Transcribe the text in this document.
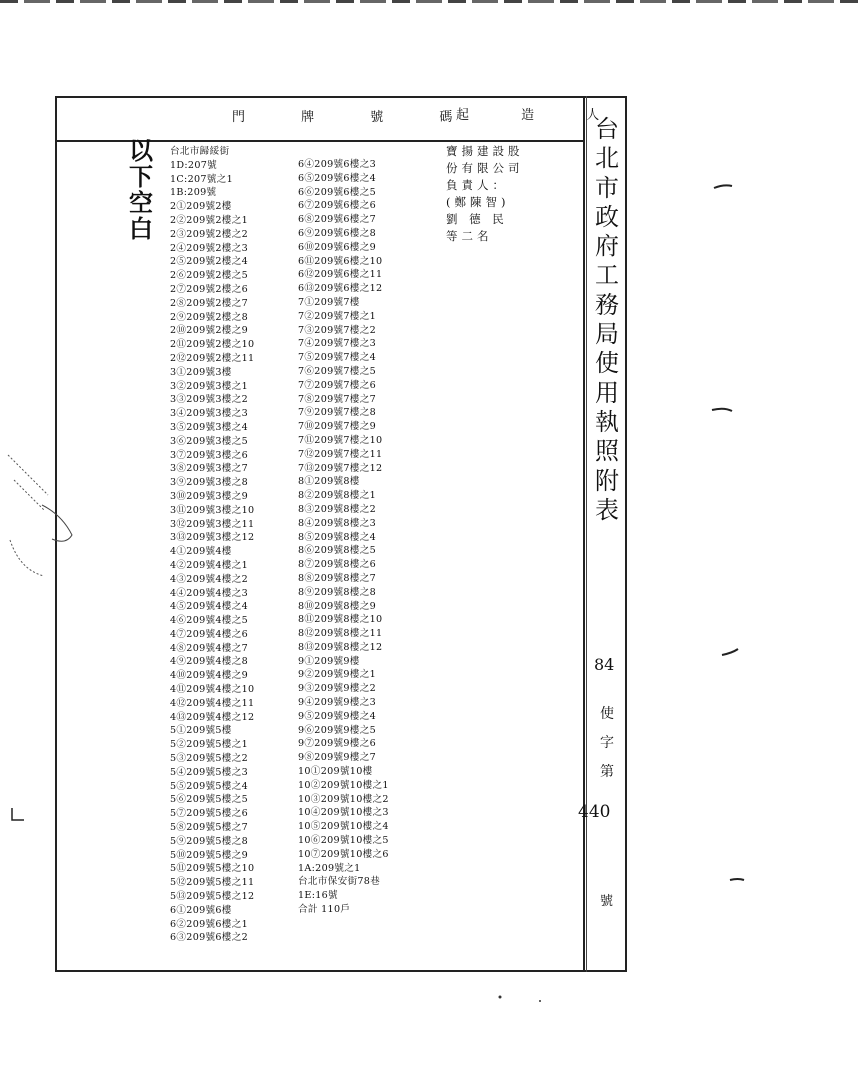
門 牌 號 碼
起 造 人
以
下
空
白
台北市歸綏街
1D:207號
1C:207號之1
1B:209號
2①209號2樓
2②209號2樓之1
2③209號2樓之2
2④209號2樓之3
2⑤209號2樓之4
2⑥209號2樓之5
2⑦209號2樓之6
2⑧209號2樓之7
2⑨209號2樓之8
2⑩209號2樓之9
2⑪209號2樓之10
2⑫209號2樓之11
3①209號3樓
3②209號3樓之1
3③209號3樓之2
3④209號3樓之3
3⑤209號3樓之4
3⑥209號3樓之5
3⑦209號3樓之6
3⑧209號3樓之7
3⑨209號3樓之8
3⑩209號3樓之9
3⑪209號3樓之10
3⑫209號3樓之11
3⑬209號3樓之12
4①209號4樓
4②209號4樓之1
4③209號4樓之2
4④209號4樓之3
4⑤209號4樓之4
4⑥209號4樓之5
4⑦209號4樓之6
4⑧209號4樓之7
4⑨209號4樓之8
4⑩209號4樓之9
4⑪209號4樓之10
4⑫209號4樓之11
4⑬209號4樓之12
5①209號5樓
5②209號5樓之1
5③209號5樓之2
5④209號5樓之3
5⑤209號5樓之4
5⑥209號5樓之5
5⑦209號5樓之6
5⑧209號5樓之7
5⑨209號5樓之8
5⑩209號5樓之9
5⑪209號5樓之10
5⑫209號5樓之11
5⑬209號5樓之12
6①209號6樓
6②209號6樓之1
6③209號6樓之2
6④209號6樓之3
6⑤209號6樓之4
6⑥209號6樓之5
6⑦209號6樓之6
6⑧209號6樓之7
6⑨209號6樓之8
6⑩209號6樓之9
6⑪209號6樓之10
6⑫209號6樓之11
6⑬209號6樓之12
7①209號7樓
7②209號7樓之1
7③209號7樓之2
7④209號7樓之3
7⑤209號7樓之4
7⑥209號7樓之5
7⑦209號7樓之6
7⑧209號7樓之7
7⑨209號7樓之8
7⑩209號7樓之9
7⑪209號7樓之10
7⑫209號7樓之11
7⑬209號7樓之12
8①209號8樓
8②209號8樓之1
8③209號8樓之2
8④209號8樓之3
8⑤209號8樓之4
8⑥209號8樓之5
8⑦209號8樓之6
8⑧209號8樓之7
8⑨209號8樓之8
8⑩209號8樓之9
8⑪209號8樓之10
8⑫209號8樓之11
8⑬209號8樓之12
9①209號9樓
9②209號9樓之1
9③209號9樓之2
9④209號9樓之3
9⑤209號9樓之4
9⑥209號9樓之5
9⑦209號9樓之6
9⑧209號9樓之7
10①209號10樓
10②209號10樓之1
10③209號10樓之2
10④209號10樓之3
10⑤209號10樓之4
10⑥209號10樓之5
10⑦209號10樓之6
1A:209號之1
台北市保安街78巷
1E:16號
合計 110戶
寶揚建設股
份有限公司
負責人：
(鄭陳智)
劉 德 民
等二名
台
北
市
政
府
工
務
局
使
用
執
照
附
表
84
使
字
第
440
號
